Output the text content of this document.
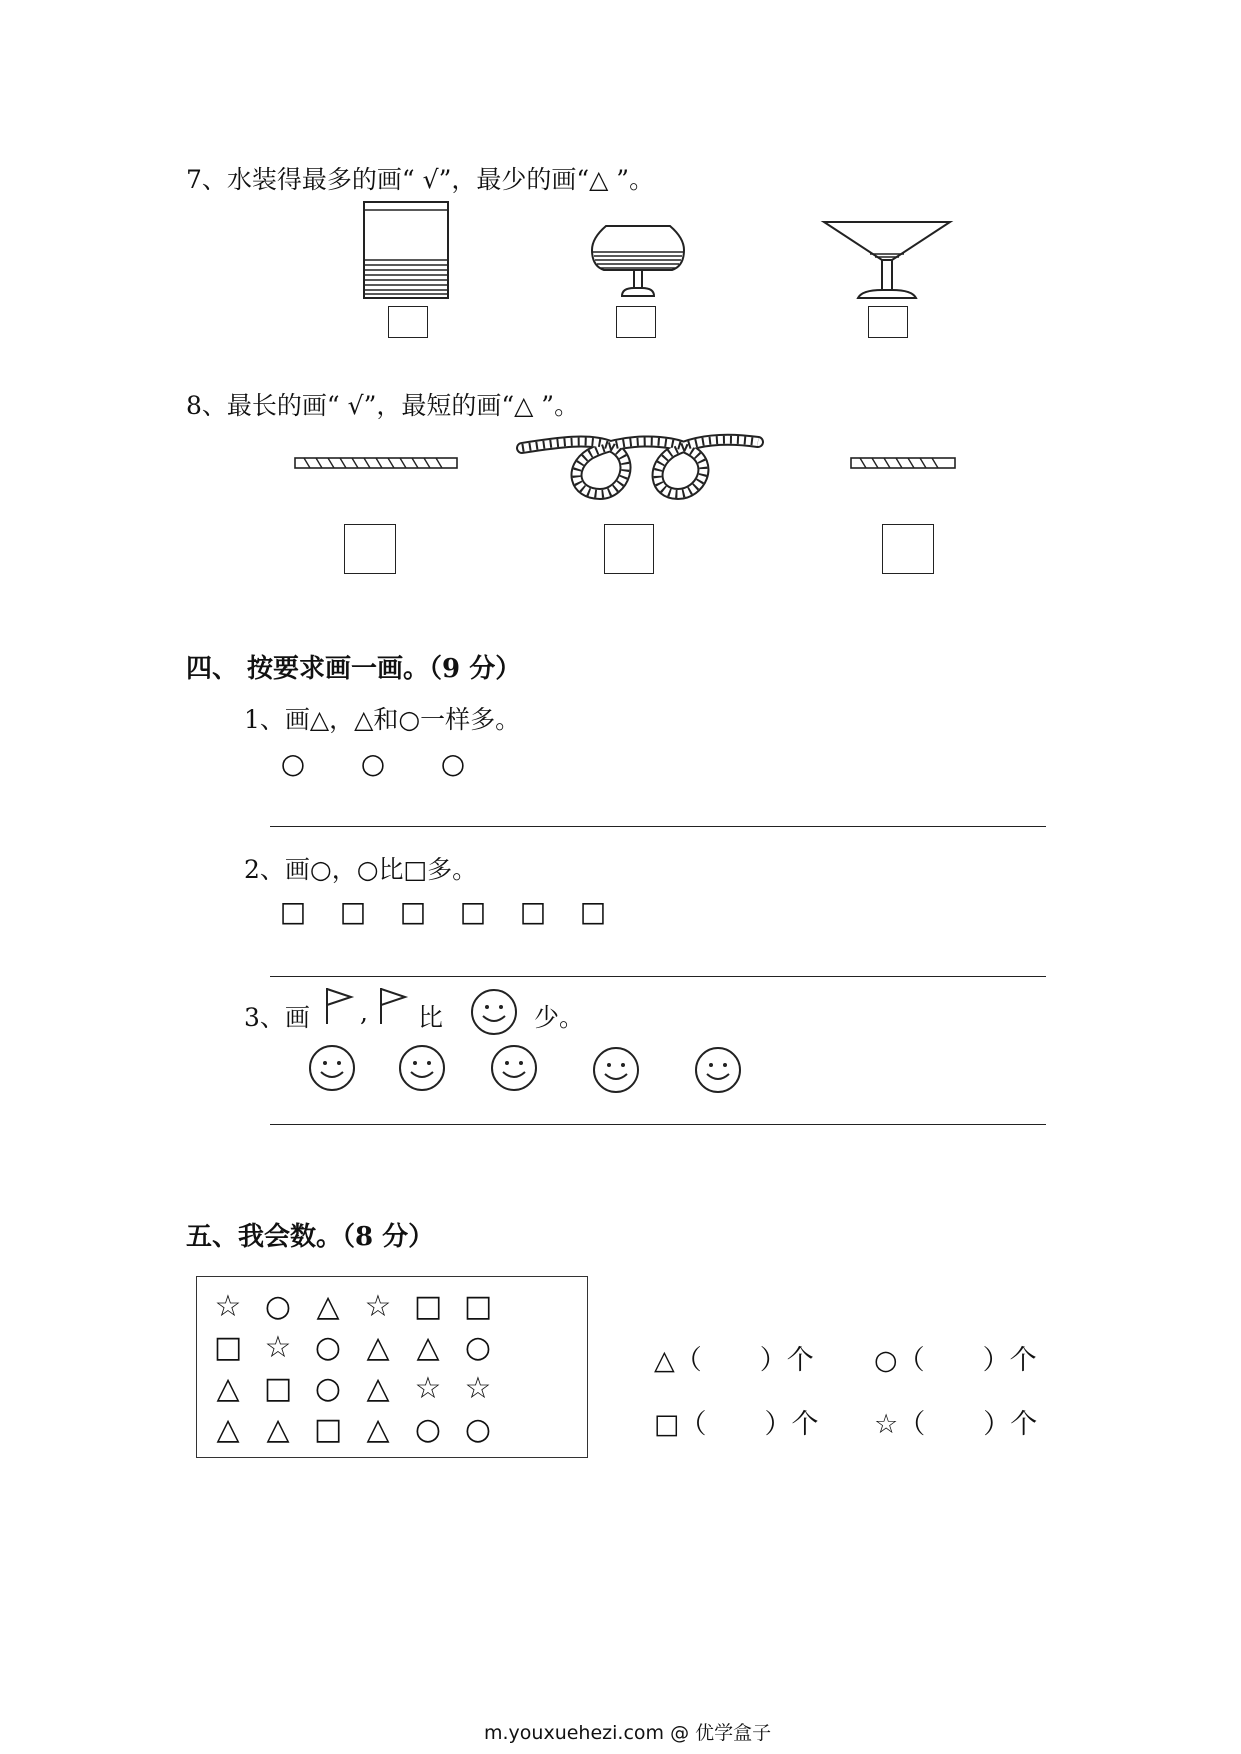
7、水装得最多的画“ √”，最少的画“△ ”。
8、最长的画“ √”，最短的画“△ ”。
四、 按要求画一画。（9 分）
1、画△，△和○一样多。
○ ○ ○
2、画○，○比□多。
□ □ □ □ □ □
3、画 , 比	少。
五、我会数。（8 分）
☆ ○ △ ☆ □ □
□ ☆ ○ △ △ ○
△ □ ○ △ ☆ ☆
△ △ □ △ ○ ○
△（ ）个 ○（ ）个
□（ ）个 ☆（ ）个
m.youxuehezi.com @ 优学盒子
